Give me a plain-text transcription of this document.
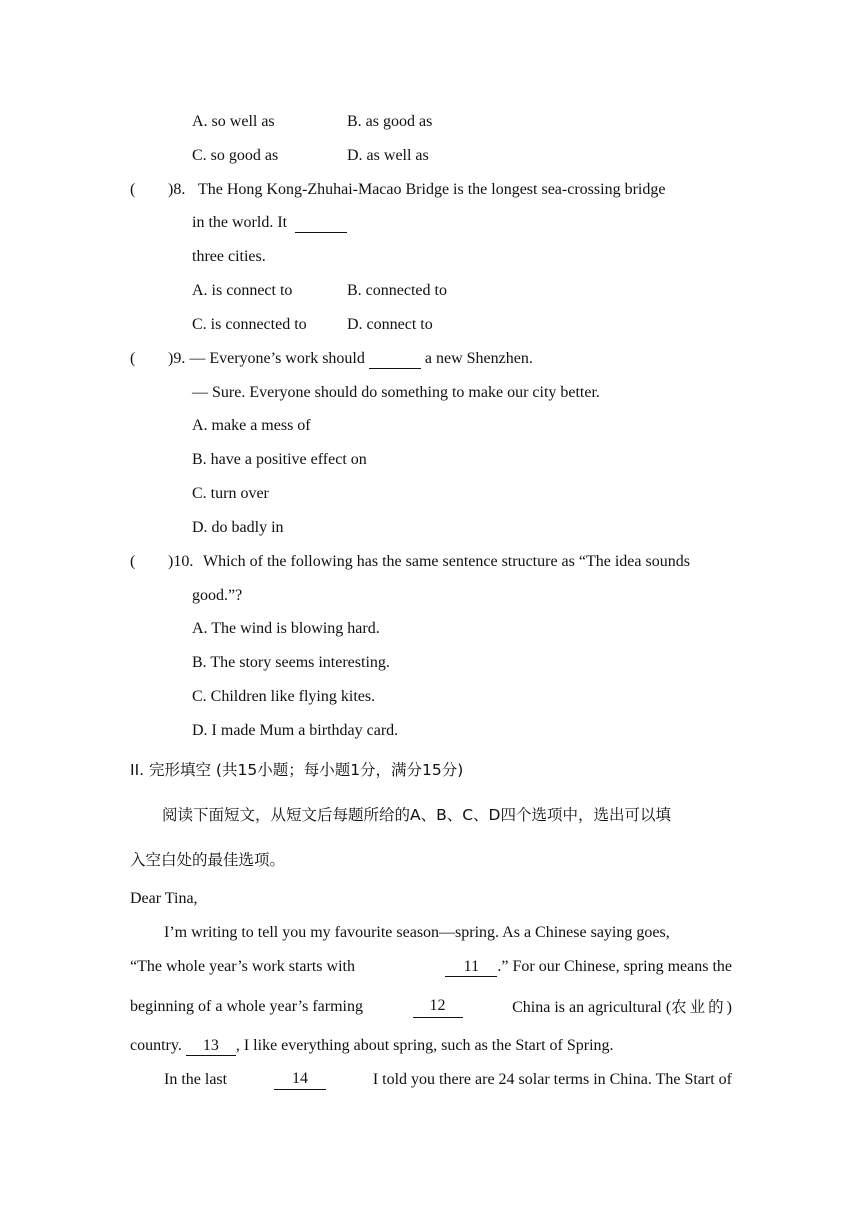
A. so well as	B. as good as
C. so good as	D. as well as
( )8. The Hong Kong-Zhuhai-Macao Bridge is the longest sea-crossing bridge
in the world. It
three cities.
A. is connect to	B. connected to
C. is connected to	D. connect to
( )9. — Everyone’s work should	a new Shenzhen.
— Sure. Everyone should do something to make our city better.
A. make a mess of
B. have a positive effect on
C. turn over
D. do badly in
( )10. Which of the following has the same sentence structure as “The idea sounds
good.”?
A. The wind is blowing hard.
B. The story seems interesting.
C. Children like flying kites.
D. I made Mum a birthday card.
II. 完形填空 (共15小题；每小题1分，满分15分)
阅读下面短文，从短文后每题所给的A、B、C、D四个选项中，选出可以填
入空白处的最佳选项。
Dear Tina,
I’m writing to tell you my favourite season—spring. As a Chinese saying goes,
“The whole year’s work starts with	11 .” For our Chinese, spring means the
beginning of a whole year’s farming	12	China is an agricultural (农业的)
country. 13 , I like everything about spring, such as the Start of Spring.
In the last	14	I told you there are 24 solar terms in China. The Start of
